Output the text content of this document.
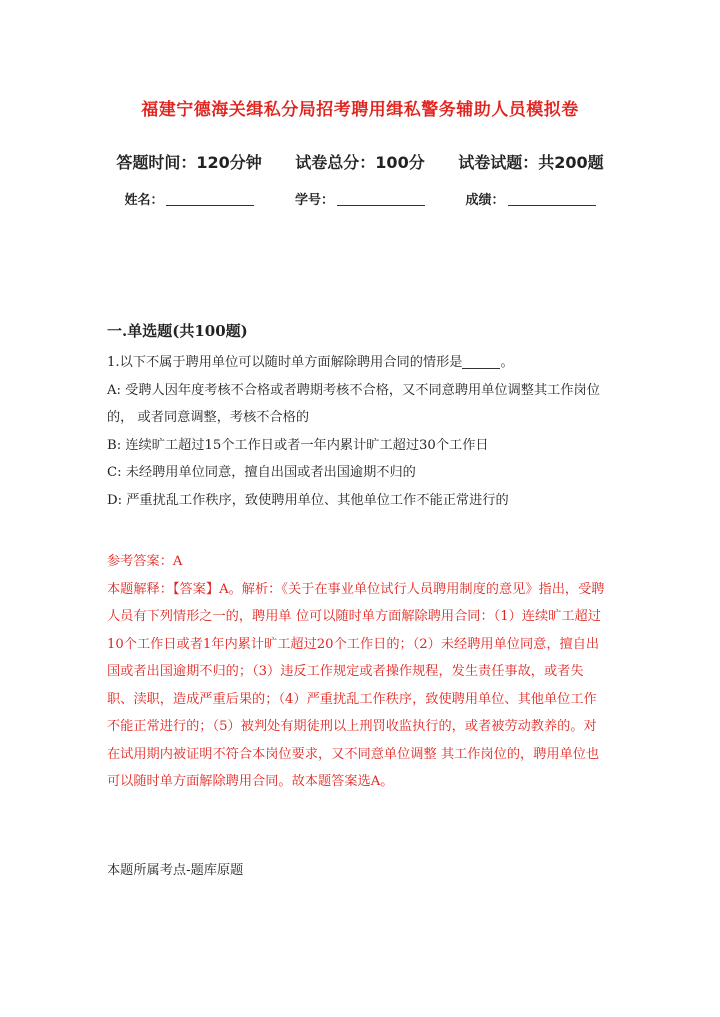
福建宁德海关缉私分局招考聘用缉私警务辅助人员模拟卷
答题时间：120分钟 试卷总分：100分 试卷试题：共200题
姓名：	学号：	成绩：
一.单选题(共100题)

1.以下不属于聘用单位可以随时单方面解除聘用合同的情形是	。

A: 受聘人因年度考核不合格或者聘期考核不合格，又不同意聘用单位调整其工作岗位的， 或者同意调整，考核不合格的

B: 连续旷工超过15个工作日或者一年内累计旷工超过30个工作日

C: 未经聘用单位同意，擅自出国或者出国逾期不归的

D: 严重扰乱工作秩序，致使聘用单位、其他单位工作不能正常进行的

参考答案：A

本题解释：【答案】A。解析：《关于在事业单位试行人员聘用制度的意见》指出，受聘人员有下列情形之一的，聘用单 位可以随时单方面解除聘用合同：（1）连续旷工超过10个工作日或者1年内累计旷工超过20个工作日的；（2）未经聘用单位同意，擅自出国或者出国逾期不归的；（3）违反工作规定或者操作规程，发生责任事故，或者失 职、渎职，造成严重后果的；（4）严重扰乱工作秩序，致使聘用单位、其他单位工作不能正常进行的；（5）被判处有期徒刑以上刑罚收监执行的，或者被劳动教养的。对在试用期内被证明不符合本岗位要求，又不同意单位调整 其工作岗位的，聘用单位也可以随时单方面解除聘用合同。故本题答案选A。

本题所属考点-题库原题
